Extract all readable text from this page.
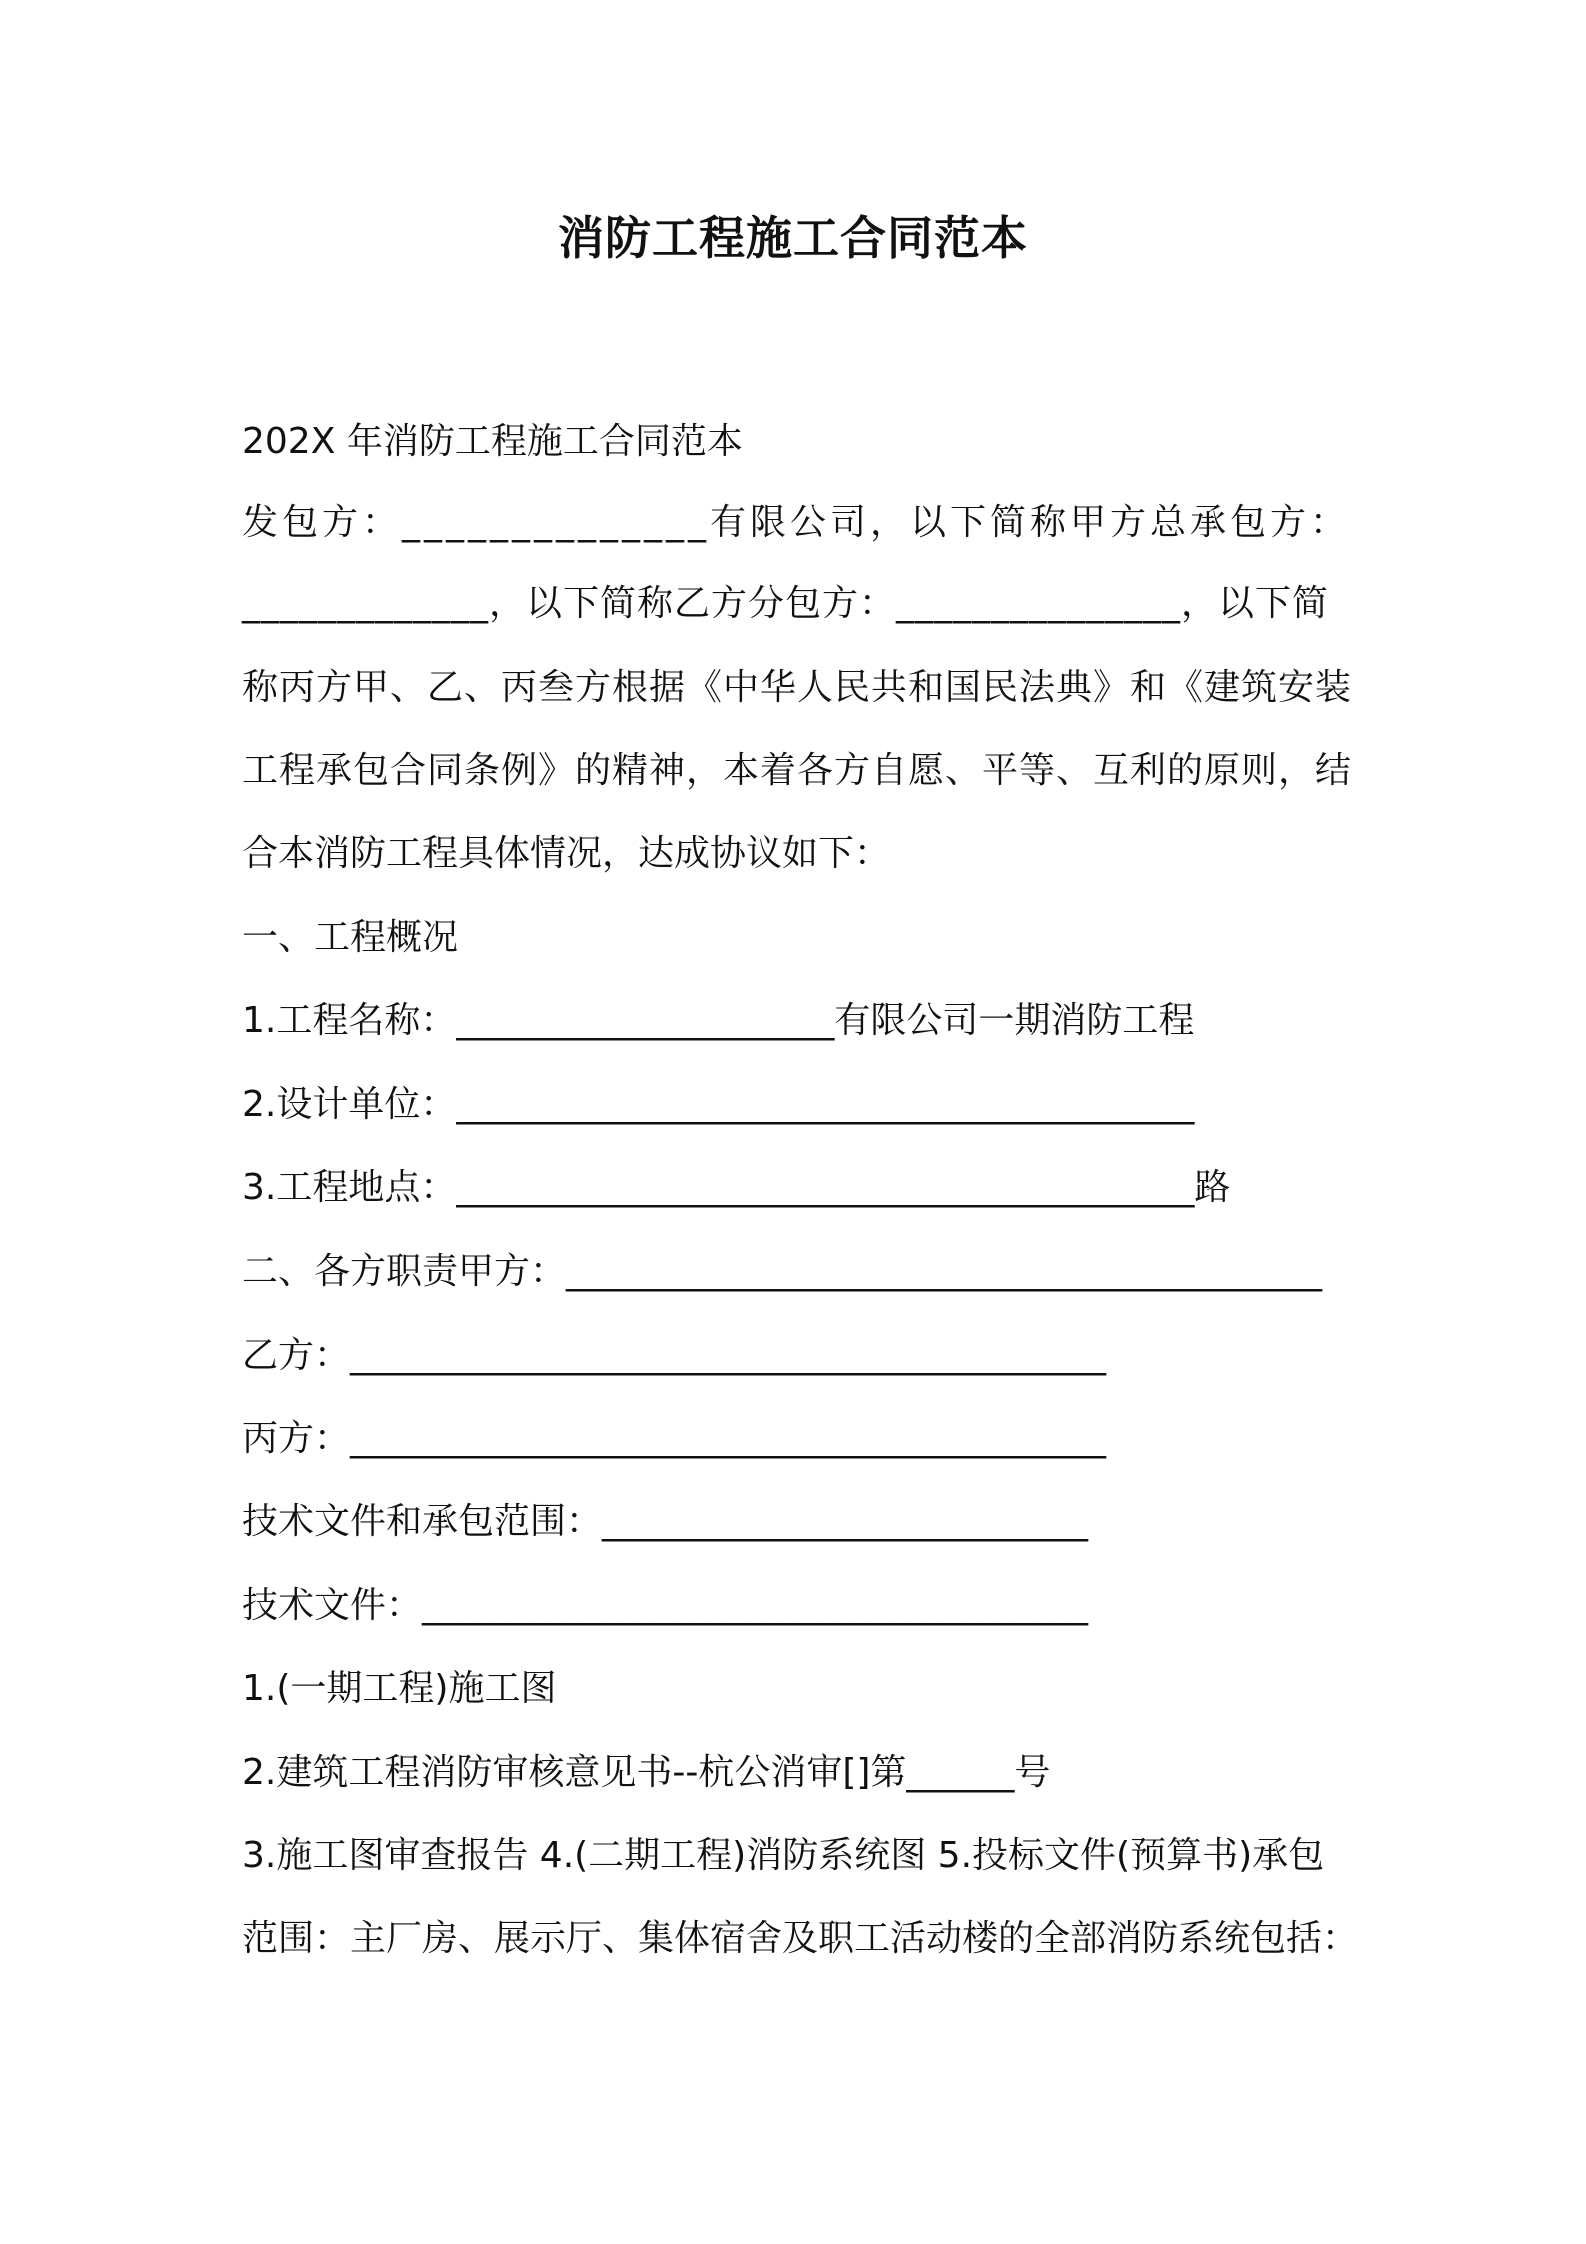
消防工程施工合同范本
202X 年消防工程施工合同范本
发包方：______________有限公司，以下简称甲方总承包方：
_____________，以下简称乙方分包方：_______________，以下简
称丙方甲、乙、丙叁方根据《中华人民共和国民法典》和《建筑安装
工程承包合同条例》的精神，本着各方自愿、平等、互利的原则，结
合本消防工程具体情况，达成协议如下：
一、工程概况
1.工程名称：_____________________有限公司一期消防工程
2.设计单位：_________________________________________
3.工程地点：_________________________________________路
二、各方职责甲方：__________________________________________
乙方：__________________________________________
丙方：__________________________________________
技术文件和承包范围：___________________________
技术文件：_____________________________________
1.(一期工程)施工图
2.建筑工程消防审核意见书--杭公消审[]第______号
3.施工图审查报告 4.(二期工程)消防系统图 5.投标文件(预算书)承包
范围：主厂房、展示厅、集体宿舍及职工活动楼的全部消防系统包括：
